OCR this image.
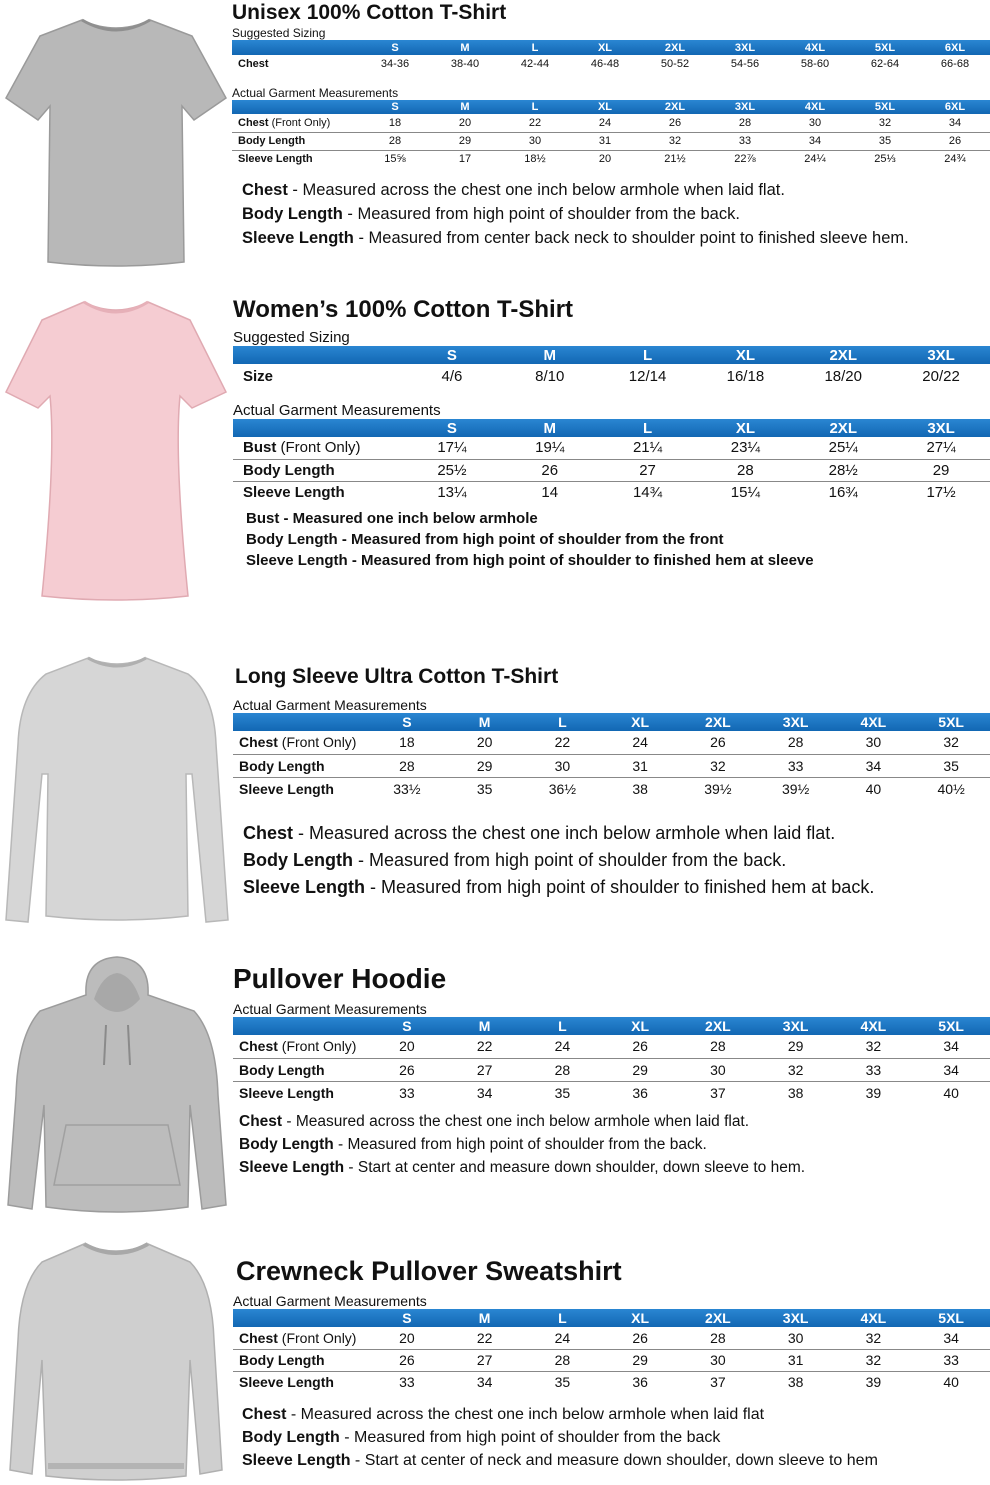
Unisex 100% Cotton T-Shirt

Suggested Sizing

	S	M	L	XL	2XL	3XL	4XL	5XL	6XL
Chest	34-36	38-40	42-44	46-48	50-52	54-56	58-60	62-64	66-68

Actual Garment Measurements

	S	M	L	XL	2XL	3XL	4XL	5XL	6XL
Chest (Front Only)	18	20	22	24	26	28	30	32	34
Body Length	28	29	30	31	32	33	34	35	26
Sleeve Length	15⅝	17	18½	20	21½	22⅞	24¼	25⅓	24¾

Chest - Measured across the chest one inch below armhole when laid flat.

Body Length - Measured from high point of shoulder from the back.

Sleeve Length - Measured from center back neck to shoulder point to finished sleeve hem.

Women’s 100% Cotton T-Shirt

Suggested Sizing

	S	M	L	XL	2XL	3XL
Size	4/6	8/10	12/14	16/18	18/20	20/22

Actual Garment Measurements

	S	M	L	XL	2XL	3XL
Bust (Front Only)	17¼	19¼	21¼	23¼	25¼	27¼
Body Length	25½	26	27	28	28½	29
Sleeve Length	13¼	14	14¾	15¼	16¾	17½

Bust - Measured one inch below armhole

Body Length - Measured from high point of shoulder from the front

Sleeve Length - Measured from high point of shoulder to finished hem at sleeve

Long Sleeve Ultra Cotton T-Shirt

Actual Garment Measurements

	S	M	L	XL	2XL	3XL	4XL	5XL
Chest (Front Only)	18	20	22	24	26	28	30	32
Body Length	28	29	30	31	32	33	34	35
Sleeve Length	33½	35	36½	38	39½	39½	40	40½

Chest - Measured across the chest one inch below armhole when laid flat.

Body Length - Measured from high point of shoulder from the back.

Sleeve Length - Measured from high point of shoulder to finished hem at back.

Pullover Hoodie

Actual Garment Measurements

	S	M	L	XL	2XL	3XL	4XL	5XL
Chest (Front Only)	20	22	24	26	28	29	32	34
Body Length	26	27	28	29	30	32	33	34
Sleeve Length	33	34	35	36	37	38	39	40

Chest - Measured across the chest one inch below armhole when laid flat.

Body Length - Measured from high point of shoulder from the back.

Sleeve Length - Start at center and measure down shoulder, down sleeve to hem.

Crewneck Pullover Sweatshirt

Actual Garment Measurements

	S	M	L	XL	2XL	3XL	4XL	5XL
Chest (Front Only)	20	22	24	26	28	30	32	34
Body Length	26	27	28	29	30	31	32	33
Sleeve Length	33	34	35	36	37	38	39	40

Chest - Measured across the chest one inch below armhole when laid flat

Body Length - Measured from high point of shoulder from the back

Sleeve Length - Start at center of neck and measure down shoulder, down sleeve to hem
